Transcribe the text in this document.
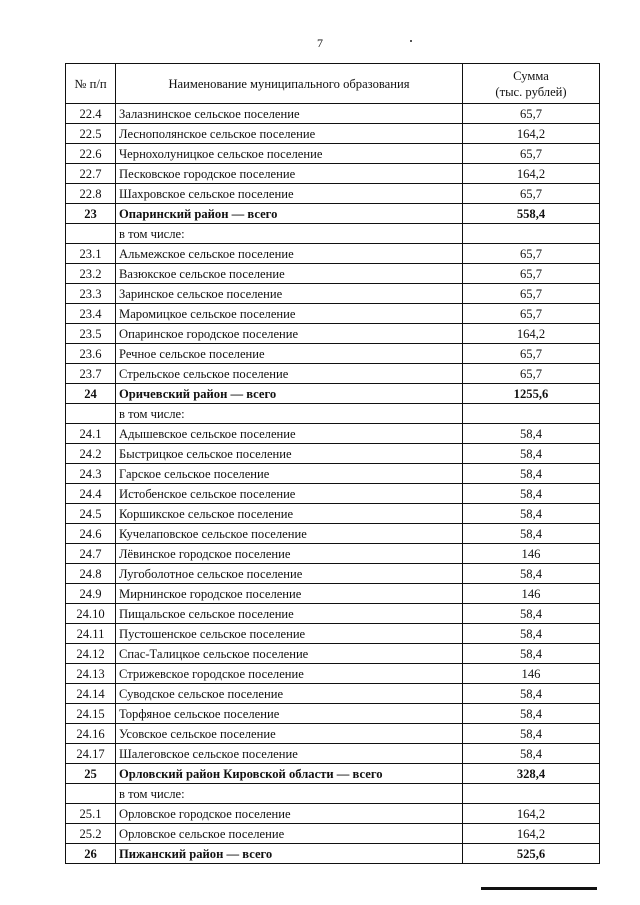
7
№ п/п	Наименование муниципального образования	Сумма
(тыс. рублей)

22.4	Залазнинское сельское поселение	65,7
22.5	Леснополянское сельское поселение	164,2
22.6	Чернохолуницкое сельское поселение	65,7
22.7	Песковское городское поселение	164,2
22.8	Шахровское сельское поселение	65,7
23	Опаринский район — всего	558,4
	в том числе:	
23.1	Альмежское сельское поселение	65,7
23.2	Вазюкское сельское поселение	65,7
23.3	Заринское сельское поселение	65,7
23.4	Маромицкое сельское поселение	65,7
23.5	Опаринское городское поселение	164,2
23.6	Речное сельское поселение	65,7
23.7	Стрельское сельское поселение	65,7
24	Оричевский район — всего	1255,6
	в том числе:	
24.1	Адышевское сельское поселение	58,4
24.2	Быстрицкое сельское поселение	58,4
24.3	Гарское сельское поселение	58,4
24.4	Истобенское сельское поселение	58,4
24.5	Коршикское сельское поселение	58,4
24.6	Кучелаповское сельское поселение	58,4
24.7	Лёвинское городское поселение	146
24.8	Лугоболотное сельское поселение	58,4
24.9	Мирнинское городское поселение	146
24.10	Пищальское сельское поселение	58,4
24.11	Пустошенское сельское поселение	58,4
24.12	Спас-Талицкое сельское поселение	58,4
24.13	Стрижевское городское поселение	146
24.14	Суводское сельское поселение	58,4
24.15	Торфяное сельское поселение	58,4
24.16	Усовское сельское поселение	58,4
24.17	Шалеговское сельское поселение	58,4
25	Орловский район Кировской области — всего	328,4
	в том числе:	
25.1	Орловское городское поселение	164,2
25.2	Орловское сельское поселение	164,2
26	Пижанский район — всего	525,6
